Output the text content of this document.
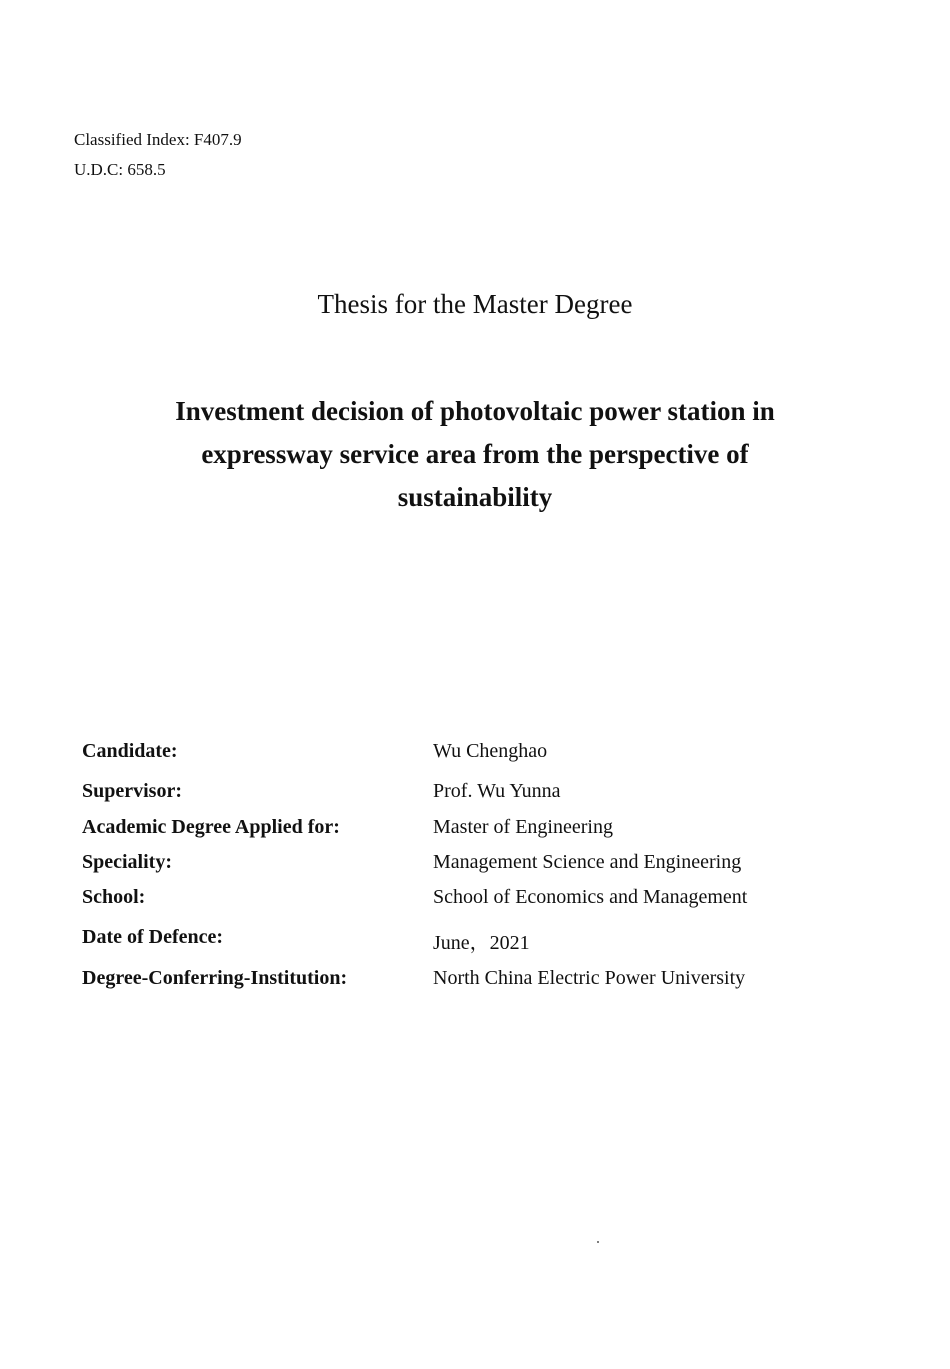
Classified Index: F407.9
U.D.C: 658.5
Thesis for the Master Degree
Investment decision of photovoltaic power station in
expressway service area from the perspective of
sustainability
Candidate:	Wu Chenghao
Supervisor:	Prof. Wu Yunna
Academic Degree Applied for:	Master of Engineering
Speciality:	Management Science and Engineering
School:	School of Economics and Management
Date of Defence:	June，2021
Degree-Conferring-Institution:	North China Electric Power University
